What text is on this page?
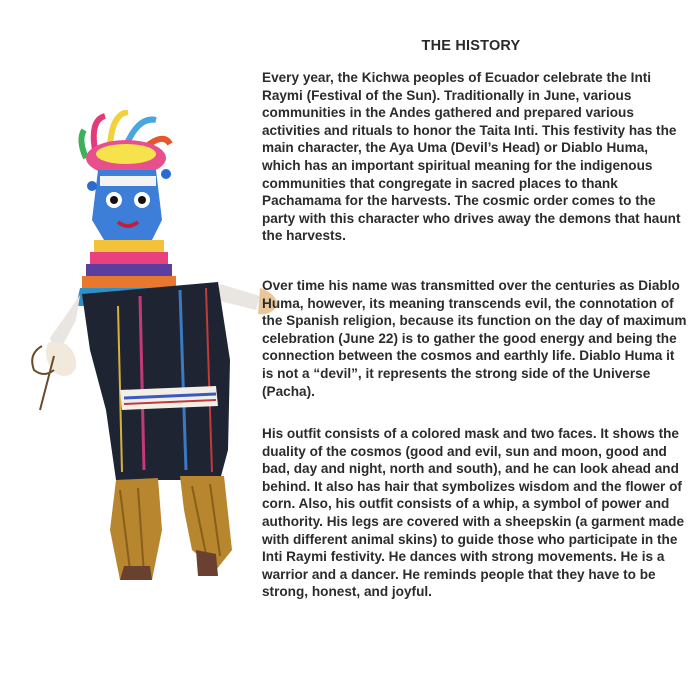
THE HISTORY

Every year, the Kichwa peoples of Ecuador celebrate the Inti Raymi (Festival of the Sun). Traditionally in June, various communities in the Andes gathered and prepared various activities and rituals to honor the Taita Inti. This festivity has the main character, the Aya Uma (Devil’s Head) or Diablo Huma, which has an important spiritual meaning for the indigenous communities that congregate in sacred places to thank Pachamama for the harvests. The cosmic order comes to the party with this character who drives away the demons that haunt the harvests.

Over time his name was transmitted over the centuries as Diablo Huma, however, its meaning transcends evil, the connotation of the Spanish religion, because its function on the day of maximum celebration (June 22) is to gather the good energy and being the connection between the cosmos and earthly life. Diablo Huma it is not a “devil”, it represents the strong side of the Universe (Pacha).

His outfit consists of a colored mask and two faces. It shows the duality of the cosmos (good and evil, sun and moon, good and bad, day and night, north and south), and he can look ahead and behind. It also has hair that symbolizes wisdom and the flower of corn. Also, his outfit consists of a whip, a symbol of power and authority. His legs are covered with a sheepskin (a garment made with different animal skins) to guide those who participate in the Inti Raymi festivity. He dances with strong movements. He is a warrior and a dancer. He reminds people that they have to be strong, honest, and joyful.
